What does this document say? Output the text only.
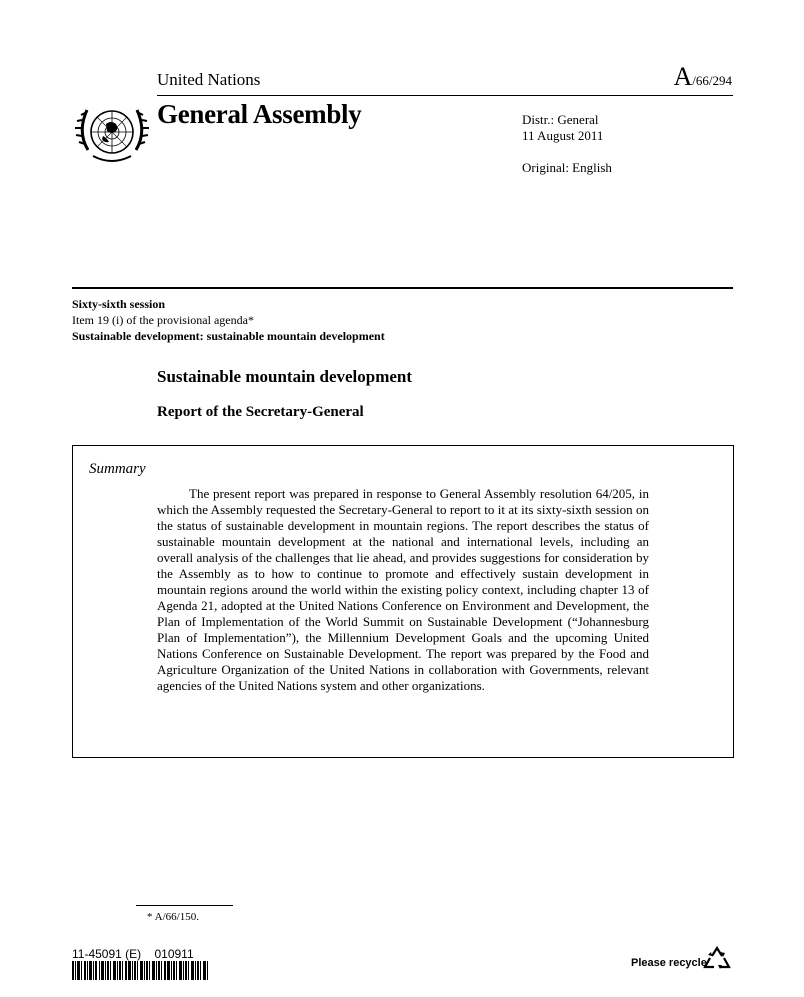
United Nations	A/66/294
General Assembly	Distr.: General
11 August 2011
Original: English
Sixty-sixth session
Item 19 (i) of the provisional agenda*
Sustainable development: sustainable mountain development
Sustainable mountain development
Report of the Secretary-General
Summary

The present report was prepared in response to General Assembly resolution 64/205, in which the Assembly requested the Secretary-General to report to it at its sixty-sixth session on the status of sustainable development in mountain regions. The report describes the status of sustainable mountain development at the national and international levels, including an overall analysis of the challenges that lie ahead, and provides suggestions for consideration by the Assembly as to how to continue to promote and effectively sustain development in mountain regions around the world within the existing policy context, including chapter 13 of Agenda 21, adopted at the United Nations Conference on Environment and Development, the Plan of Implementation of the World Summit on Sustainable Development (“Johannesburg Plan of Implementation”), the Millennium Development Goals and the upcoming United Nations Conference on Sustainable Development. The report was prepared by the Food and Agriculture Organization of the United Nations in collaboration with Governments, relevant agencies of the United Nations system and other organizations.

* A/66/150.
11-45091 (E)    010911
Please recycle
